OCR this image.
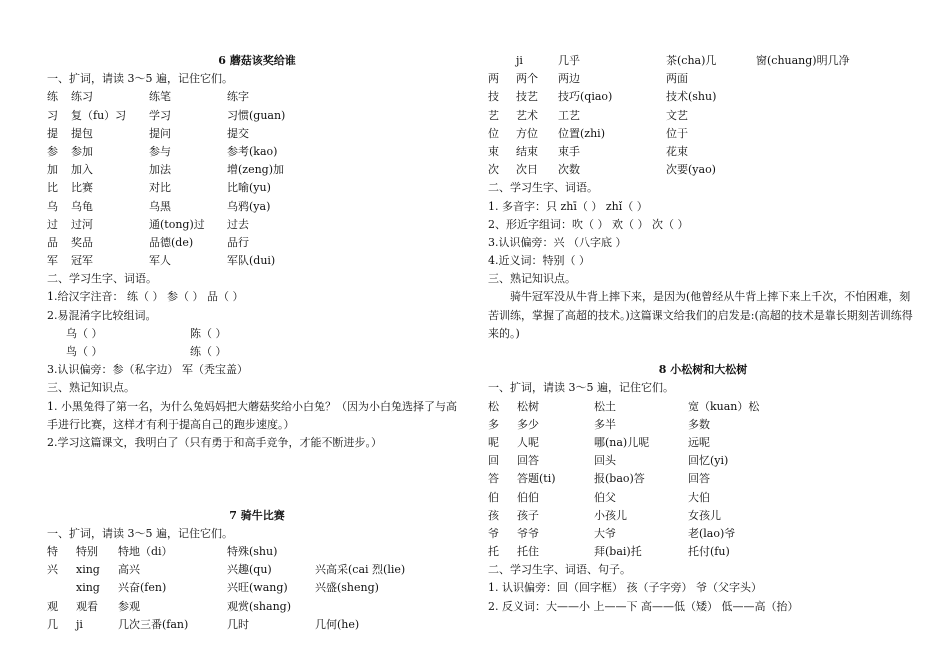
6 蘑菇该奖给谁
一、扩词，请读 3～5 遍，记住它们。
练 练习	练笔	练字
习 复（fu）习 学习	习惯(guan)
提 提包	提问	提交
参 参加	参与	参考(kao)
加 加入	加法	增(zeng)加
比 比赛	对比	比喻(yu)
乌 乌龟	乌黑	乌鸦(ya)
过 过河	通(tong)过 过去
品 奖品	品德(de)	品行
军 冠军	军人	军队(dui)
二、学习生字、词语。
1.给汉字注音： 练（ ） 参（ ） 品（ ）
2.易混淆字比较组词。
乌（ ）	陈（ ）
鸟（ ）	练（ ）
3.认识偏旁：参（私字边） 军（秃宝盖）
三、熟记知识点。

1. 小黑兔得了第一名，为什么兔妈妈把大蘑菇奖给小白兔？（因为小白兔选择了与高手进行比赛，这样才有利于提高自己的跑步速度。）

2.学习这篇课文，我明白了（只有勇于和高手竞争，才能不断进步。）
7 骑牛比赛
一、扩词，请读 3～5 遍，记住它们。
特 特别 特地（di）	特殊(shu)
兴 xing 高兴	兴趣(qu)	兴高采(cai 烈(lie)
xing 兴奋(fen)	兴旺(wang) 兴盛(sheng)
观 观看 参观	观赏(shang)
几 ji	几次三番(fan)	几时	几何(he)
ji	几乎	茶(cha)几	窗(chuang)明几净
两 两个 两边	两面
技 技艺 技巧(qiao)	技术(shu)
艺 艺术 工艺	文艺
位 方位 位置(zhi)	位于
束 结束 束手	花束
次 次日 次数	次要(yao)
二、学习生字、词语。
1. 多音字：只 zhī（ ） zhǐ（ ）
2、形近字组词：吹（ ） 欢（ ） 次（ ）
3.认识偏旁：兴 （八字底 ）
4.近义词：特别（ ）
三、熟记知识点。

骑牛冠军没从牛背上摔下来，是因为(他曾经从牛背上摔下来上千次，不怕困难，刻苦训练，掌握了高超的技术。)这篇课文给我们的启发是:(高超的技术是靠长期刻苦训练得来的。)

8 小松树和大松树
一、扩词，请读 3～5 遍，记住它们。
松 松树	松土	宽（kuan）松
多 多少	多半	多数
呢 人呢	哪(na)儿呢	远呢
回 回答	回头	回忆(yi)
答 答题(ti)	报(bao)答	回答
伯 伯伯	伯父	大伯
孩 孩子	小孩儿	女孩儿
爷 爷爷	大爷	老(lao)爷
托 托住	拜(bai)托	托付(fu)
二、学习生字、词语、句子。
1. 认识偏旁：回（回字框） 孩（子字旁） 爷（父字头）
2. 反义词：大——小 上——下 高——低（矮） 低——高（抬）
